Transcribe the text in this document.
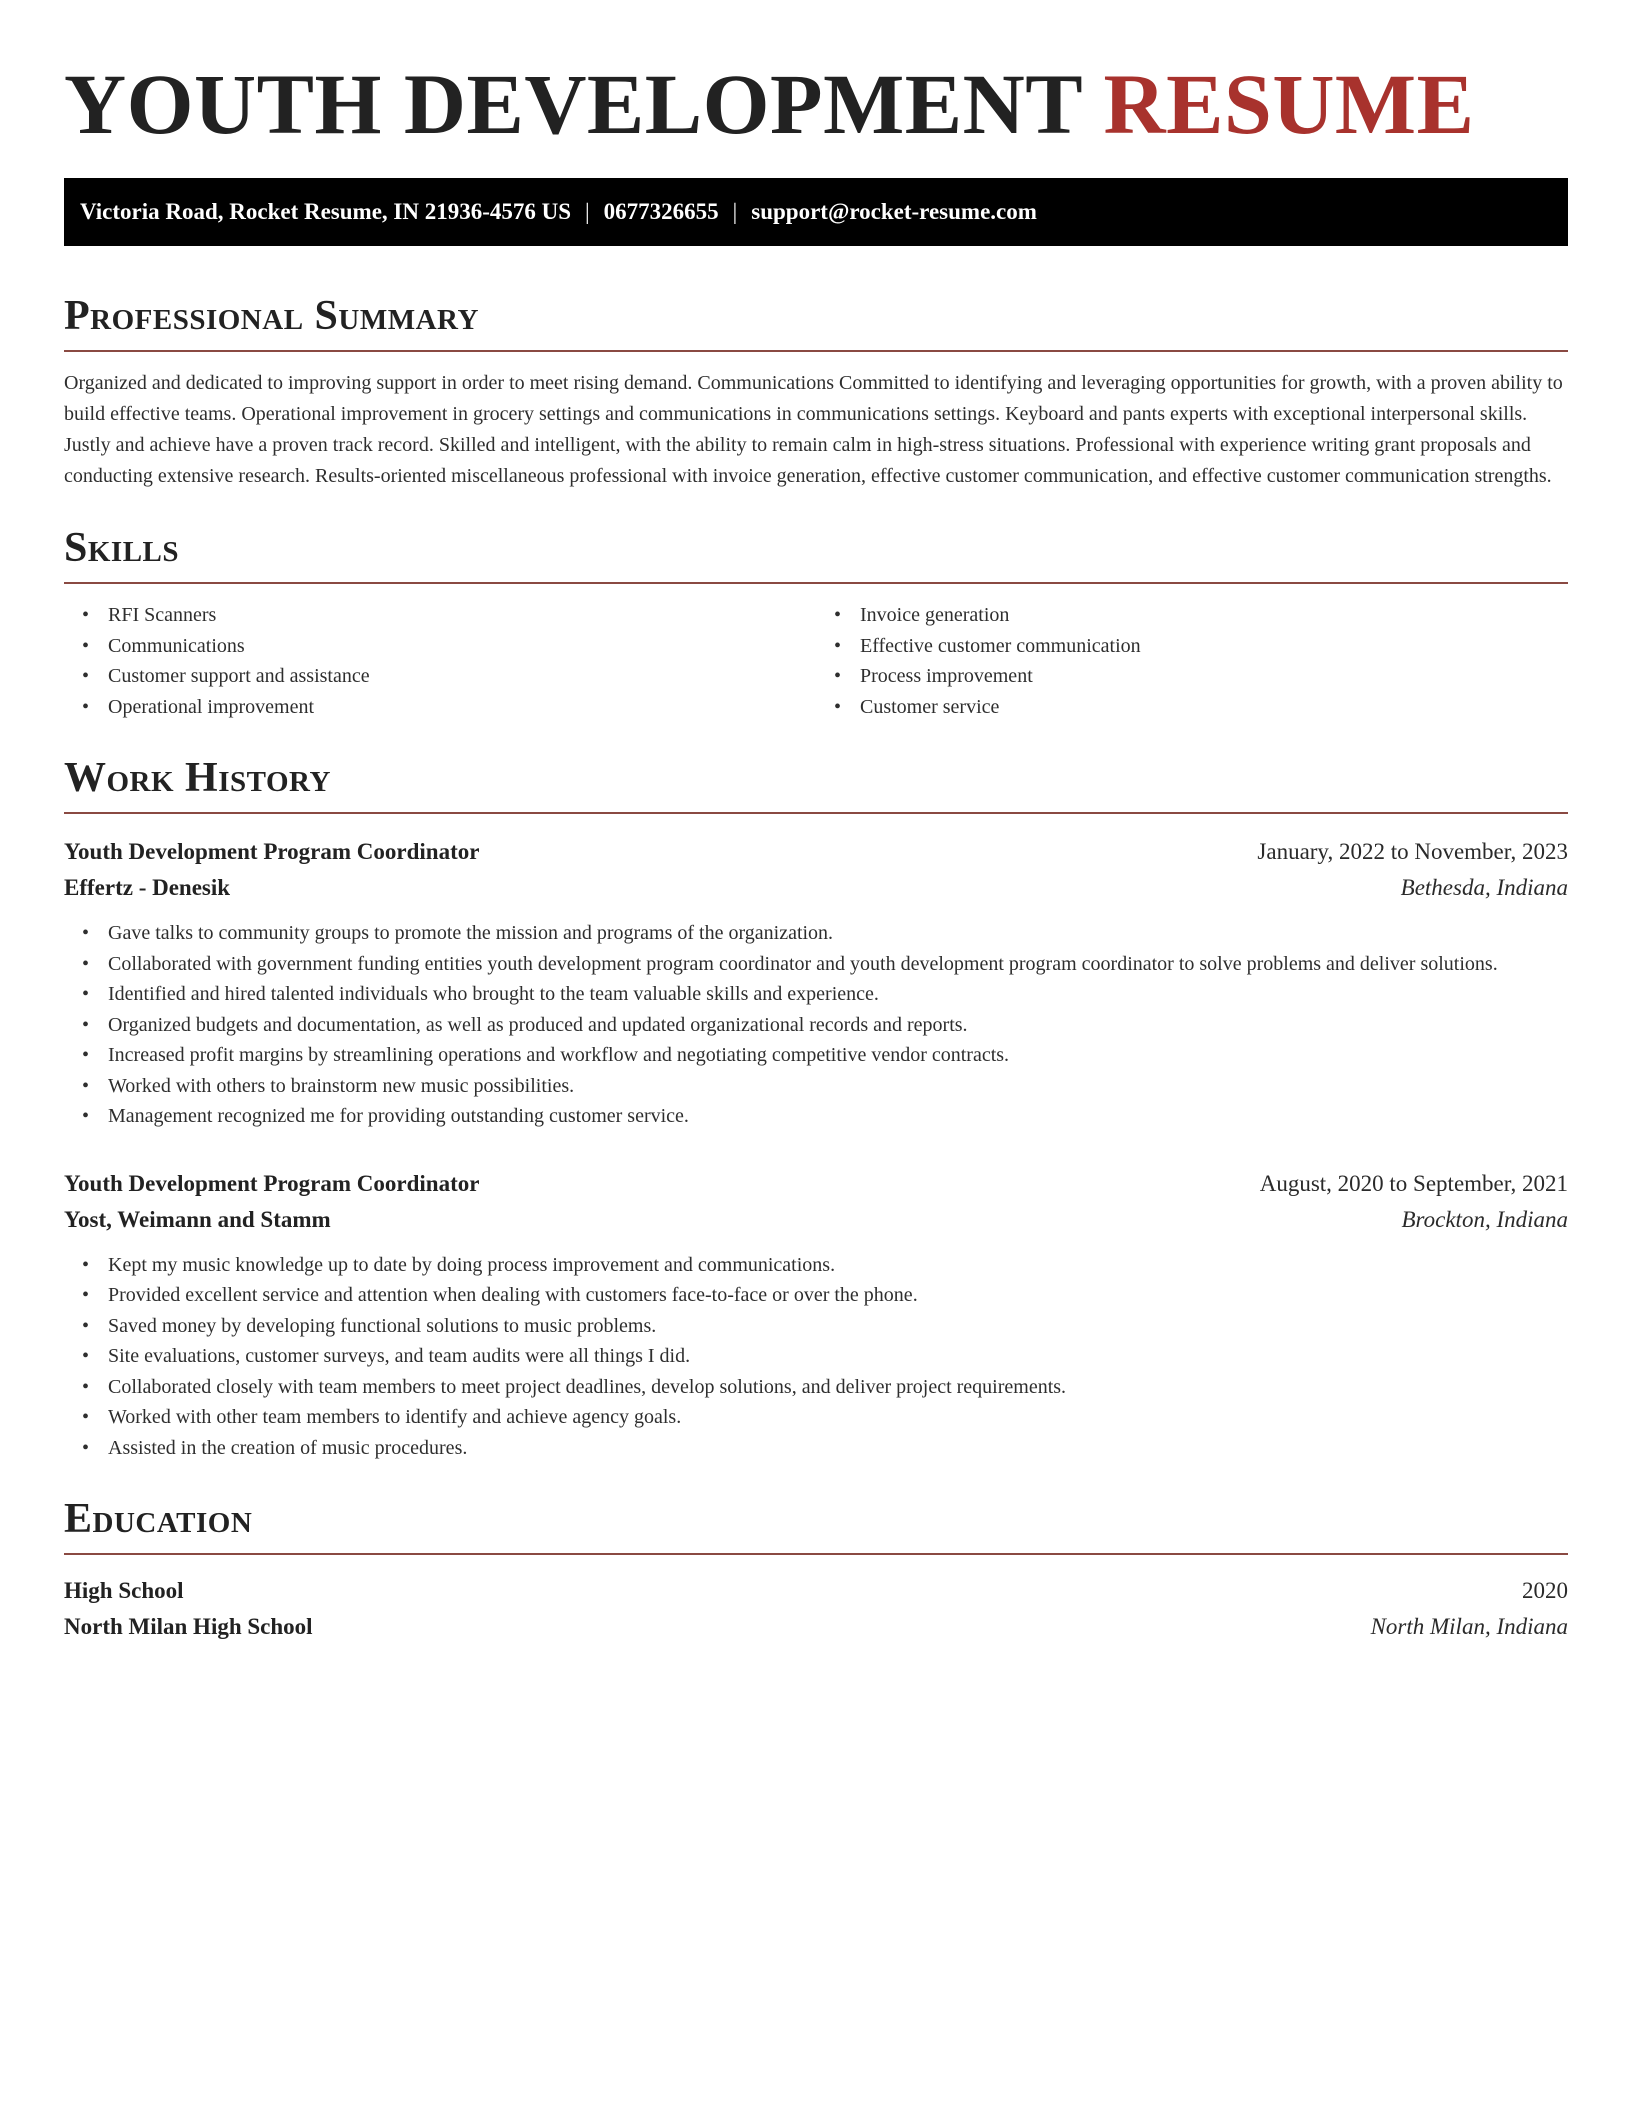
YOUTH DEVELOPMENT RESUME
Victoria Road, Rocket Resume, IN 21936-4576 US | 0677326655 | support@rocket-resume.com
Professional Summary

Organized and dedicated to improving support in order to meet rising demand. Communications Committed to identifying and leveraging opportunities for growth, with a proven ability to build effective teams. Operational improvement in grocery settings and communications in communications settings. Keyboard and pants experts with exceptional interpersonal skills. Justly and achieve have a proven track record. Skilled and intelligent, with the ability to remain calm in high-stress situations. Professional with experience writing grant proposals and conducting extensive research. Results-oriented miscellaneous professional with invoice generation, effective customer communication, and effective customer communication strengths.

Skills
• RFI Scanners
• Communications
• Customer support and assistance
• Operational improvement
• Invoice generation
• Effective customer communication
• Process improvement
• Customer service
Work History
Youth Development Program Coordinator	January, 2022 to November, 2023
Effertz - Denesik	Bethesda, Indiana
• Gave talks to community groups to promote the mission and programs of the organization.
• Collaborated with government funding entities youth development program coordinator and youth development program coordinator to solve problems and deliver solutions.
• Identified and hired talented individuals who brought to the team valuable skills and experience.
• Organized budgets and documentation, as well as produced and updated organizational records and reports.
• Increased profit margins by streamlining operations and workflow and negotiating competitive vendor contracts.
• Worked with others to brainstorm new music possibilities.
• Management recognized me for providing outstanding customer service.
Youth Development Program Coordinator	August, 2020 to September, 2021
Yost, Weimann and Stamm	Brockton, Indiana
• Kept my music knowledge up to date by doing process improvement and communications.
• Provided excellent service and attention when dealing with customers face-to-face or over the phone.
• Saved money by developing functional solutions to music problems.
• Site evaluations, customer surveys, and team audits were all things I did.
• Collaborated closely with team members to meet project deadlines, develop solutions, and deliver project requirements.
• Worked with other team members to identify and achieve agency goals.
• Assisted in the creation of music procedures.
Education
High School	2020
North Milan High School	North Milan, Indiana
